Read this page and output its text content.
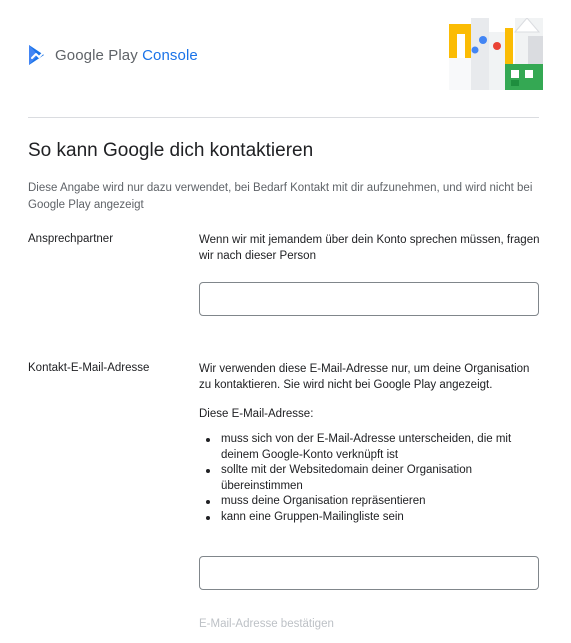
Google Play Console
So kann Google dich kontaktieren

Diese Angabe wird nur dazu verwendet, bei Bedarf Kontakt mit dir aufzunehmen, und wird nicht bei Google Play angezeigt

Ansprechpartner	Wenn wir mit jemandem über dein Konto sprechen müssen, fragen wir nach dieser Person

Kontakt-E-Mail-Adresse	Wir verwenden diese E-Mail-Adresse nur, um deine Organisation zu kontaktieren. Sie wird nicht bei Google Play angezeigt.

Diese E-Mail-Adresse:

muss sich von der E-Mail-Adresse unterscheiden, die mit deinem Google-Konto verknüpft ist
sollte mit der Websitedomain deiner Organisation übereinstimmen
muss deine Organisation repräsentieren
kann eine Gruppen-Mailingliste sein
E-Mail-Adresse bestätigen
